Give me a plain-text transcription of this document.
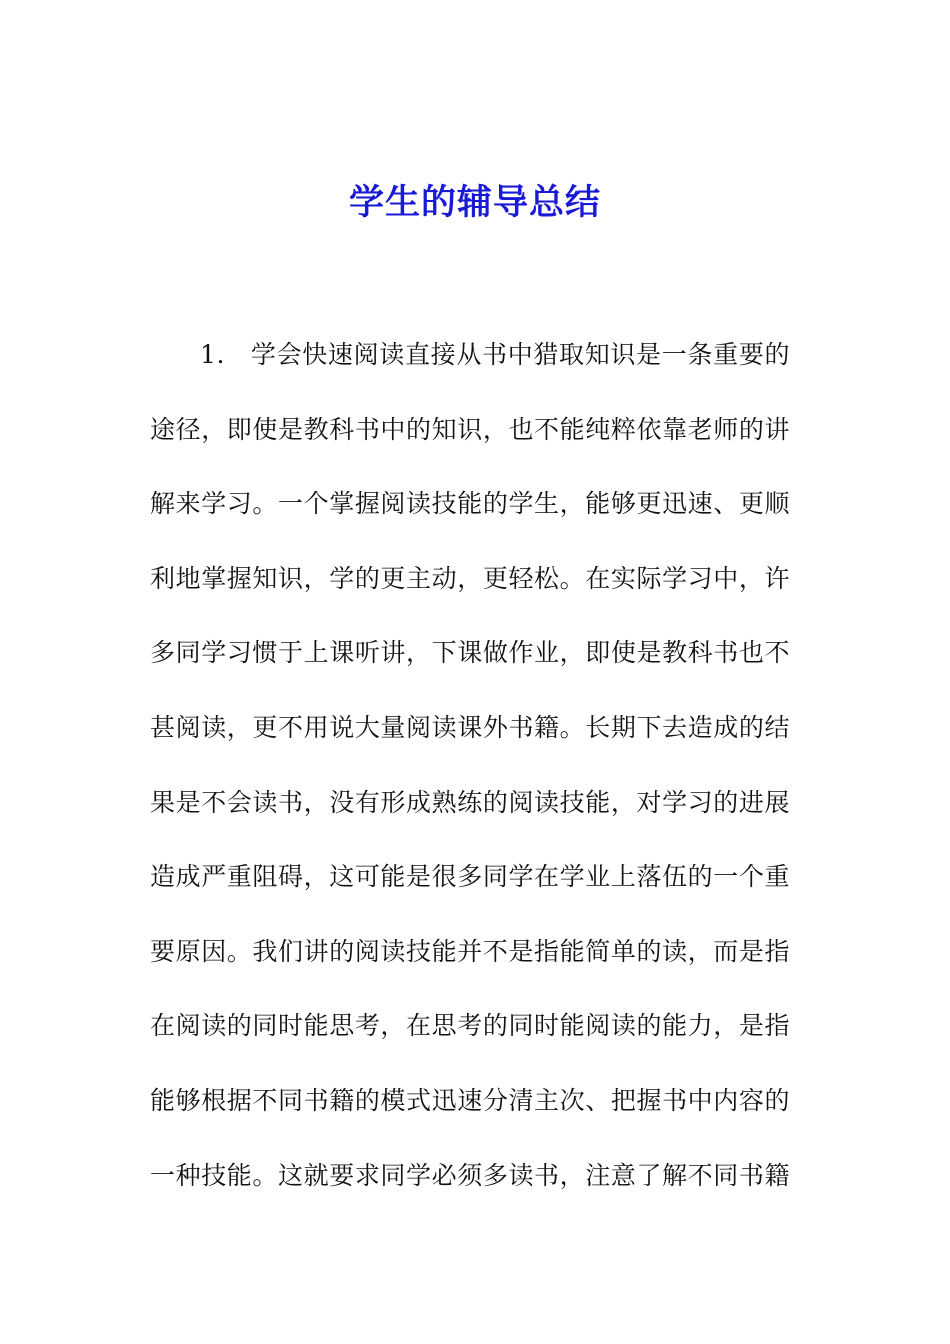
学生的辅导总结
1． 学会快速阅读直接从书中猎取知识是一条重要的
途径，即使是教科书中的知识，也不能纯粹依靠老师的讲
解来学习。一个掌握阅读技能的学生，能够更迅速、更顺
利地掌握知识，学的更主动，更轻松。在实际学习中，许
多同学习惯于上课听讲，下课做作业，即使是教科书也不
甚阅读，更不用说大量阅读课外书籍。长期下去造成的结
果是不会读书，没有形成熟练的阅读技能，对学习的进展
造成严重阻碍，这可能是很多同学在学业上落伍的一个重
要原因。我们讲的阅读技能并不是指能简单的读，而是指
在阅读的同时能思考，在思考的同时能阅读的能力，是指
能够根据不同书籍的模式迅速分清主次、把握书中内容的
一种技能。这就要求同学必须多读书，注意了解不同书籍
